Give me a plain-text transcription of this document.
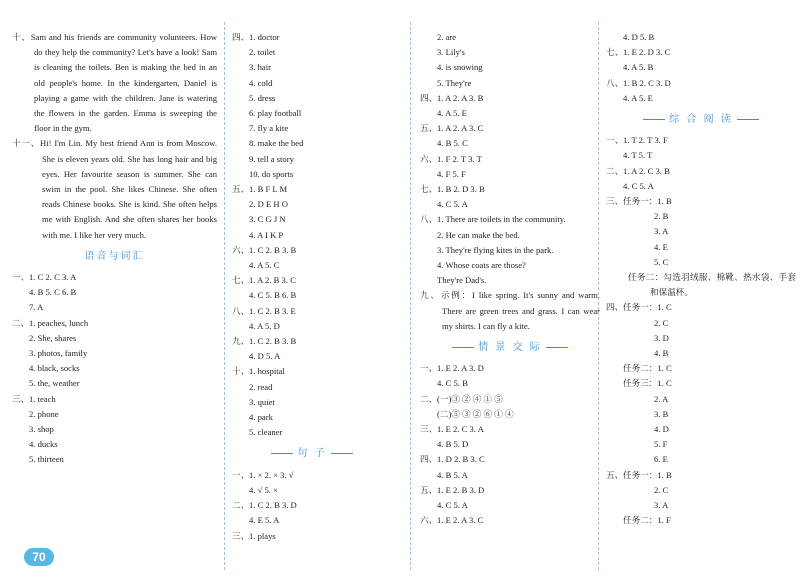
十、Sam and his friends are community volunteers. How do they help the community? Let's have a look! Sam is cleaning the toilets. Ben is making the bed in an old people's home. In the kindergarten, Daniel is playing a game with the children. Jane is watering the flowers in the garden. Emma is sweeping the floor in the gym.
十一、Hi! I'm Lin. My best friend Ann is from Moscow. She is eleven years old. She has long hair and big eyes. Her favourite season is summer. She can swim in the pool. She likes Chinese. She often reads Chinese books. She is kind. She often helps me with English. And she often shares her books with me. I like her very much.
语音与词汇
一、1. C 2. C 3. A
4. B 5. C 6. B
7. A
二、1. peaches, lunch
2. She, shares
3. photos, family
4. black, socks
5. the, weather
三、1. teach
2. phone
3. shop
4. ducks
5. thirteen
四、1. doctor
2. toilet
3. hair
4. cold
5. dress
6. play football
7. fly a kite
8. make the bed
9. tell a story
10. do sports
五、1. B F L M
2. D E H O
3. C G J N
4. A I K P
六、1. C 2. B 3. B
4. A 5. C
七、1. A 2. B 3. C
4. C 5. B 6. B
八、1. C 2. B 3. E
4. A 5. D
九、1. C 2. B 3. B
4. D 5. A
十、1. hospital
2. read
3. quiet
4. park
5. cleaner
句 子
一、1. × 2. × 3. √
4. √ 5. ×
二、1. C 2. B 3. D
4. E 5. A
三、1. plays
2. are
3. Lily's
4. is snowing
5. They're
四、1. A 2. A 3. B
4. A 5. E
五、1. A 2. A 3. C
4. B 5. C
六、1. F 2. T 3. T
4. F 5. F
七、1. B 2. D 3. B
4. C 5. A
八、1. There are toilets in the community.
2. He can make the bed.
3. They're flying kites in the park.
4. Whose coats are those?
They're Dad's.
九、示例：I like spring. It's sunny and warm. There are green trees and grass. I can wear my shirts. I can fly a kite.
情 景 交 际
一、1. E 2. A 3. D
4. C 5. B
二、(一)③ ② ④ ① ⑤
(二)⑤ ③ ② ⑥ ① ④
三、1. E 2. C 3. A
4. B 5. D
四、1. D 2. B 3. C
4. B 5. A
五、1. E 2. B 3. D
4. C 5. A
六、1. E 2. A 3. C
4. D 5. B
七、1. E 2. D 3. C
4. A 5. B
八、1. B 2. C 3. D
4. A 5. E
综 合 阅 读
一、1. T 2. T 3. F
4. T 5. T
二、1. A 2. C 3. B
4. C 5. A
三、任务一：1. B
2. B
3. A
4. E
5. C
任务二：勾选羽绒服、棉靴、热水袋、手套和保温杯。
四、任务一：1. C
2. C
3. D
4. B
任务二：1. C
任务三：1. C
2. A
3. B
4. D
5. F
6. E
五、任务一：1. B
2. C
3. A
任务二：1. F
70
